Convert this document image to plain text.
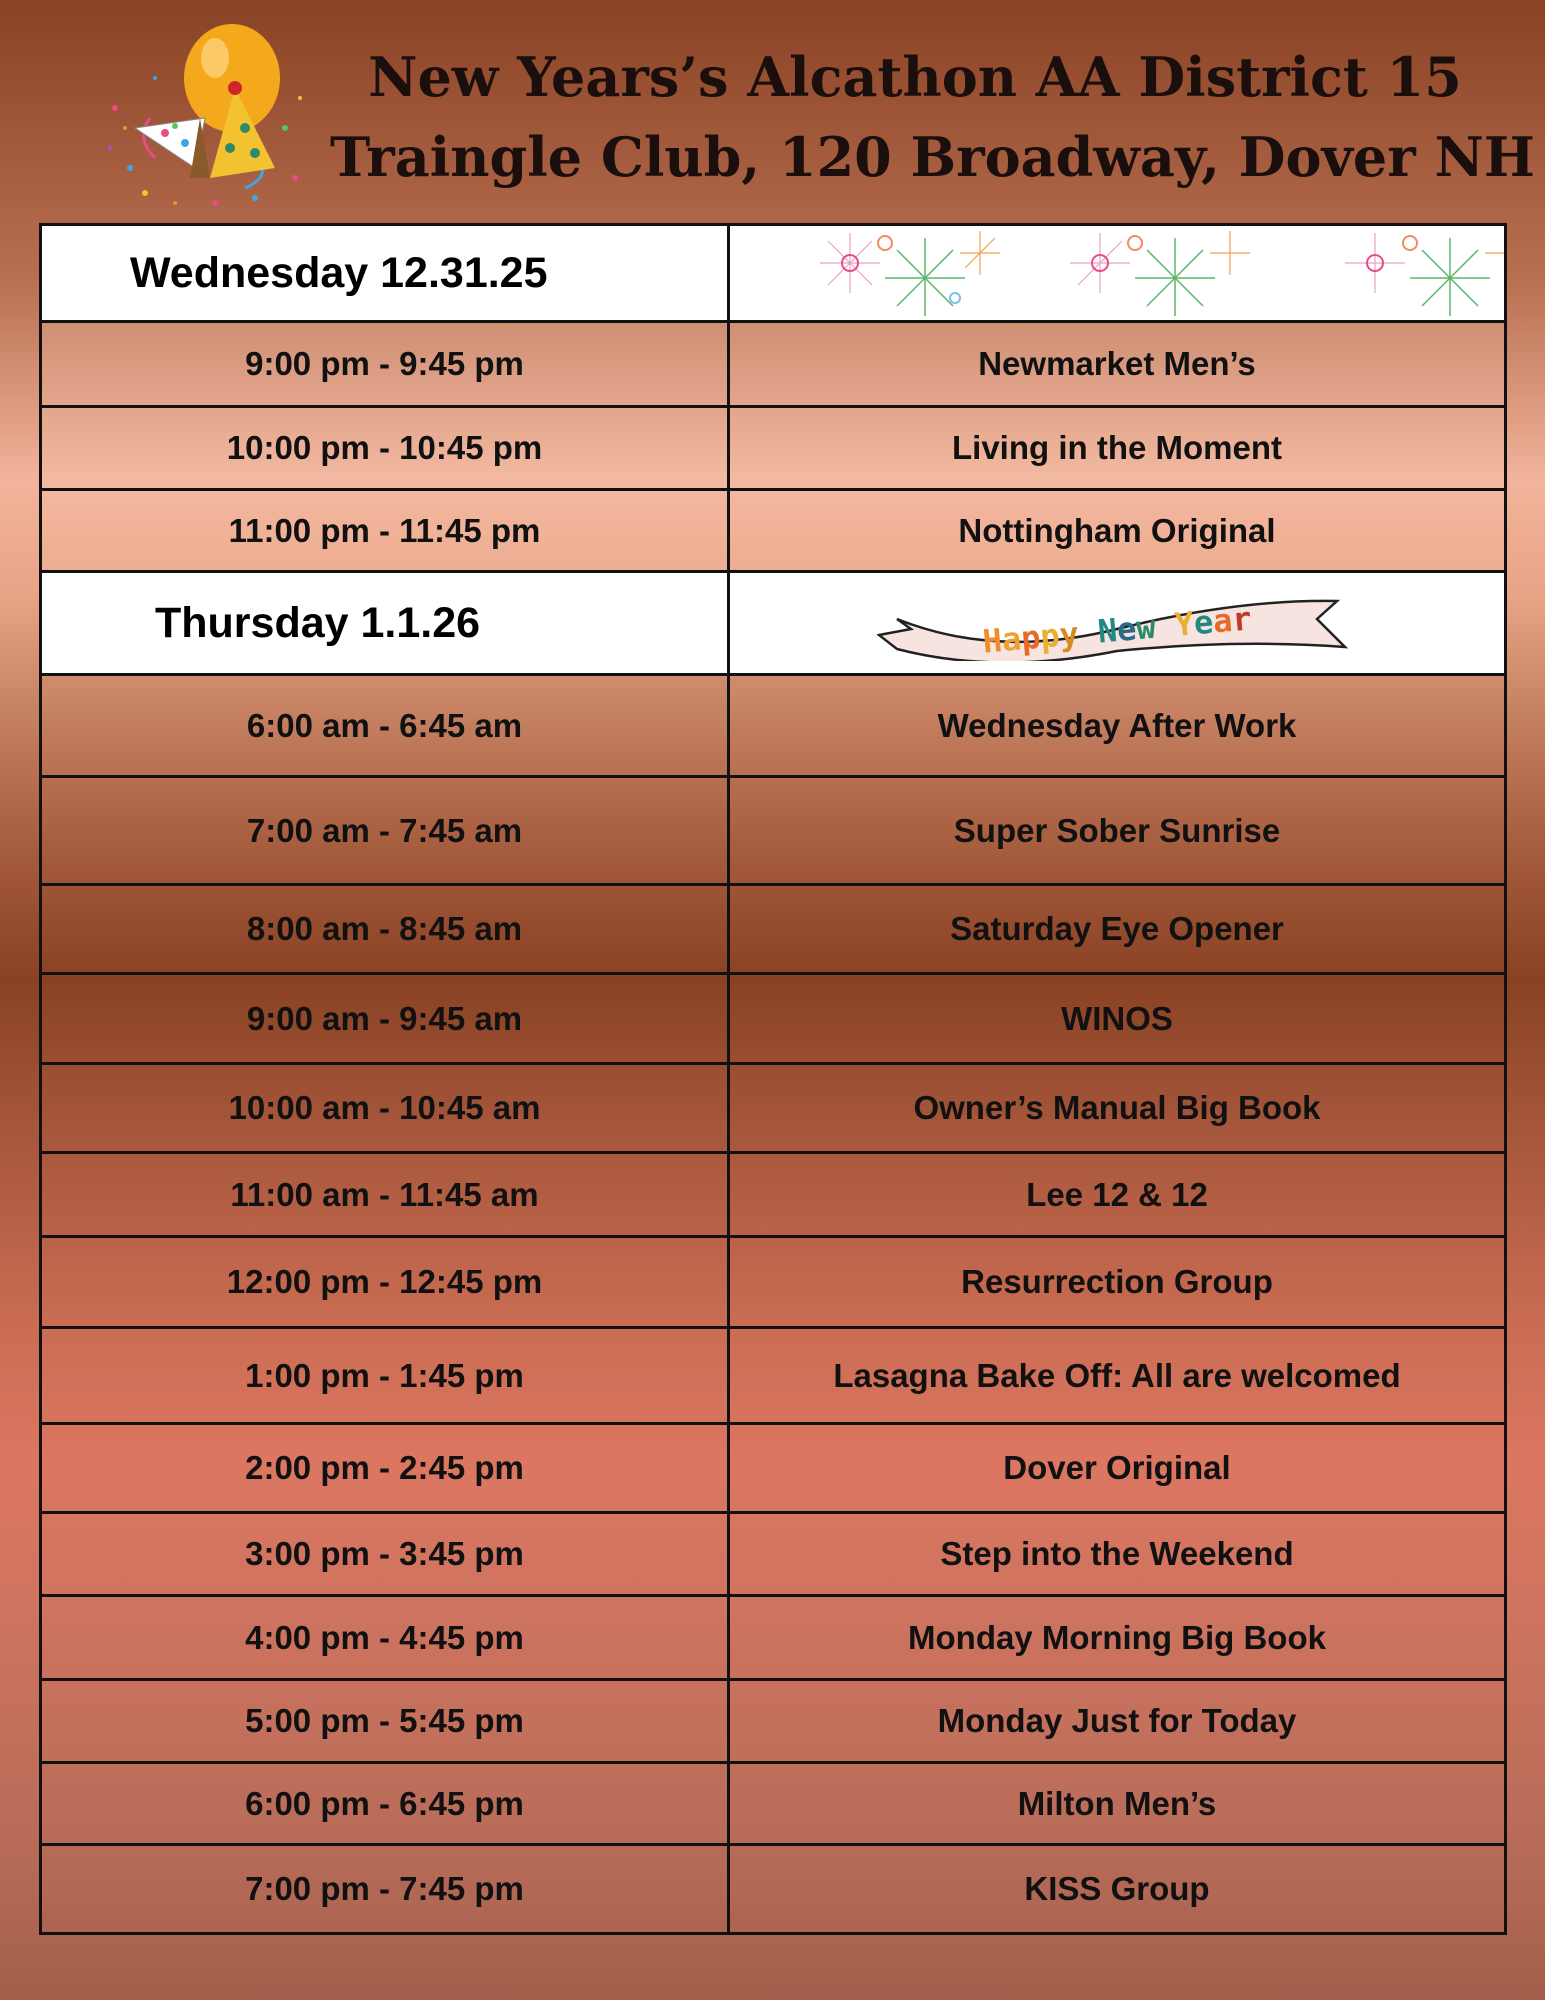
New Years’s Alcathon AA District 15
Traingle Club, 120 Broadway, Dover NH
Wednesday 12.31.25	

9:00 pm - 9:45 pm	Newmarket Men’s
10:00 pm - 10:45 pm	Living in the Moment
11:00 pm - 11:45 pm	Nottingham Original
Thursday 1.1.26	Happy New Year

6:00 am - 6:45 am	Wednesday After Work
7:00 am - 7:45 am	Super Sober Sunrise
8:00 am - 8:45 am	Saturday Eye Opener
9:00 am - 9:45 am	WINOS
10:00 am - 10:45 am	Owner’s Manual Big Book
11:00 am - 11:45 am	Lee 12 & 12
12:00 pm - 12:45 pm	Resurrection Group
1:00 pm - 1:45 pm	Lasagna Bake Off: All are welcomed
2:00 pm - 2:45 pm	Dover Original
3:00 pm - 3:45 pm	Step into the Weekend
4:00 pm - 4:45 pm	Monday Morning Big Book
5:00 pm - 5:45 pm	Monday Just for Today
6:00 pm - 6:45 pm	Milton Men’s
7:00 pm - 7:45 pm	KISS Group
